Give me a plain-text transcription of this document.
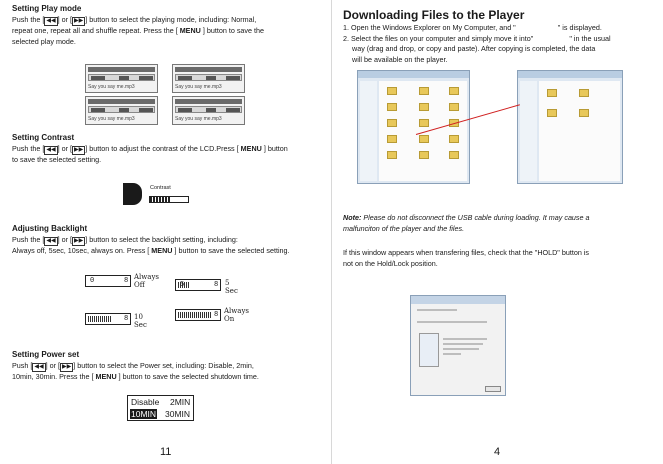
Setting Play mode
Push the [ ◀◀ ] or [ ▶▶ ] button to select the playing mode, including: Normal,
repeat one, repeat all and shuffle repeat. Press the [ MENU ] button to save the
selected play mode.
Say you say me.mp3	Say you say me.mp3
Say you say me.mp3	Say you say me.mp3
Setting Contrast
Push the [ ◀◀ ] or [ ▶▶ ] button to adjust the contrast of the LCD.Press [ MENU ] button
to save the selected setting.
Contrast
Adjusting Backlight
Push the [ ◀◀ ] or [ ▶▶ ] button to select the backlight setting, including:
Always off, 5sec, 10sec, always on. Press [ MENU ] button to save the selected setting.
0	8 Always
Off	5	8 5 Sec
8 10 Sec
8 Always
On
Setting Power set
Push [ ◀◀ ] or [ ▶▶ ] button to select the Power set, including: Disable, 2min,
10min, 30min. Press the [ MENU ] button to save the selected shutdown time.
Disable 2MIN
10MIN 30MIN
11
Downloading Files to the Player
1. Open the Windows Explorer on My Computer, and "	" is displayed.
2. Select the files on your computer and simply move it into"	" in the usual
way (drag and drop, or copy and paste). After copying is completed, the data
will be available on the player.
Note: Please do not disconnect the USB cable during loading. It may cause a
malfunciton of the player and the files.
If this window appears when transfering files, check that the "HOLD" button is
not on the Hold/Lock position.
4
